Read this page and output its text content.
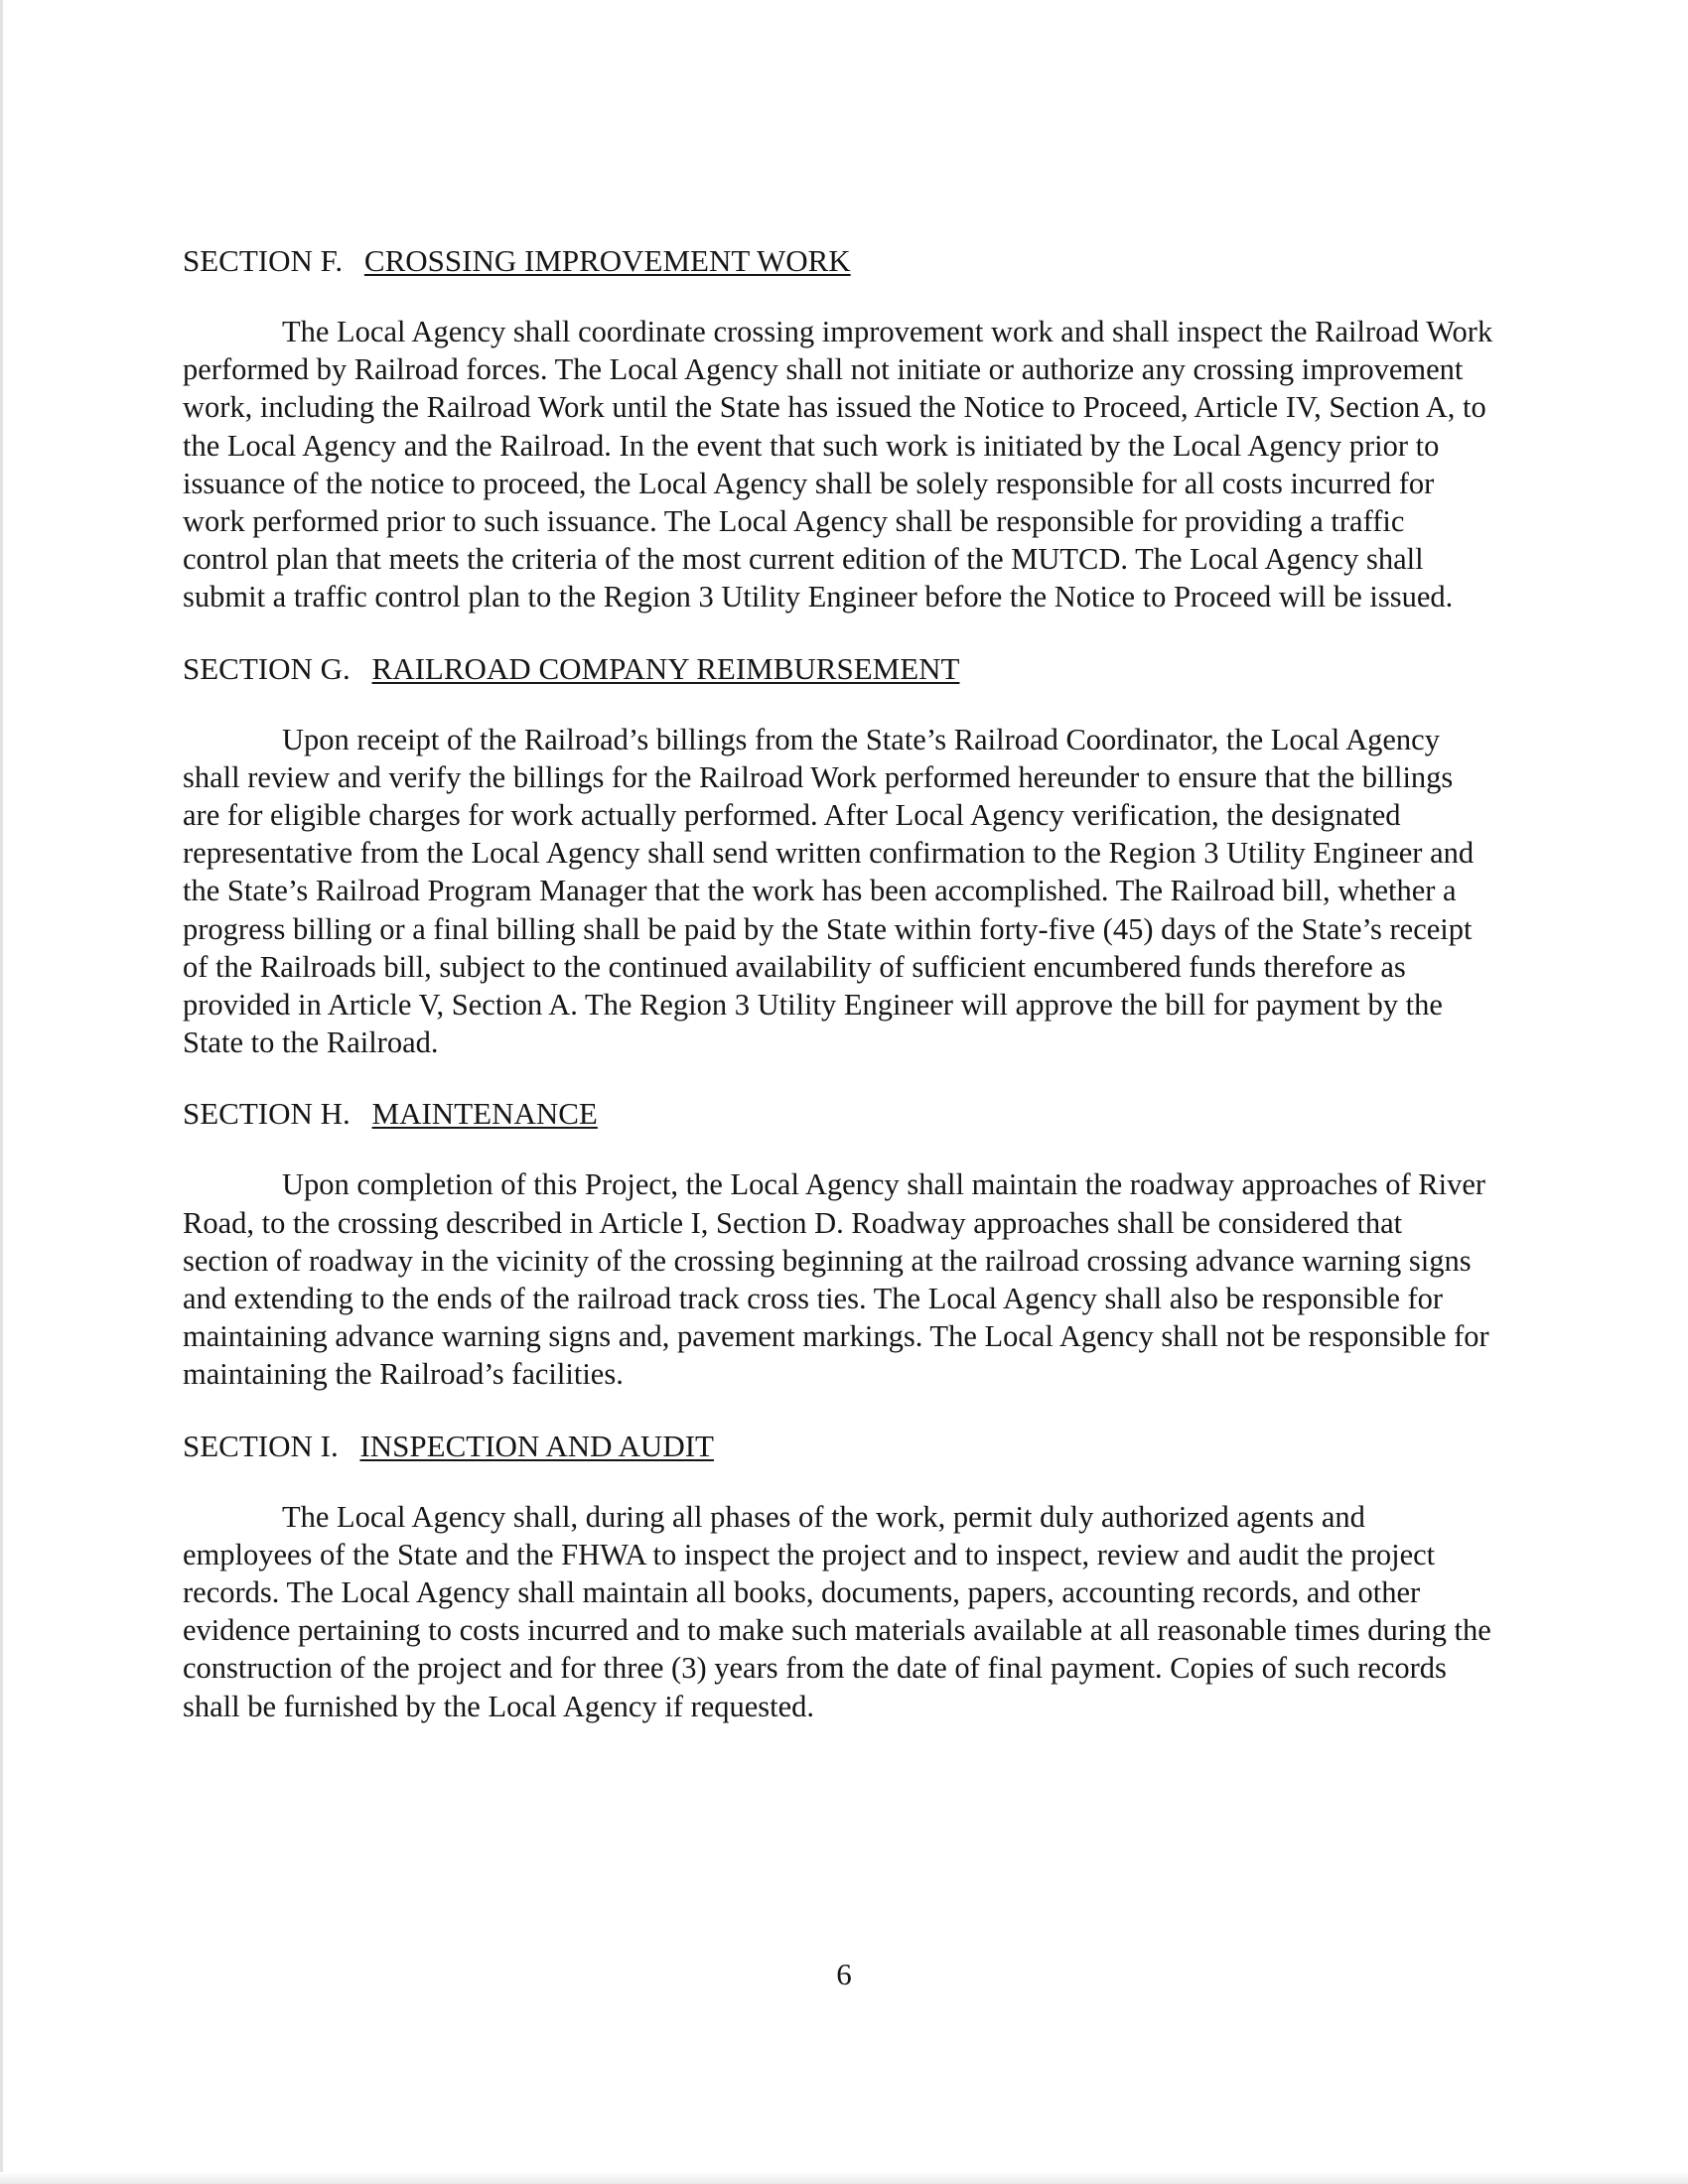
SECTION F. CROSSING IMPROVEMENT WORK

The Local Agency shall coordinate crossing improvement work and shall inspect the Railroad Work performed by Railroad forces. The Local Agency shall not initiate or authorize any crossing improvement work, including the Railroad Work until the State has issued the Notice to Proceed, Article IV, Section A, to the Local Agency and the Railroad. In the event that such work is initiated by the Local Agency prior to issuance of the notice to proceed, the Local Agency shall be solely responsible for all costs incurred for work performed prior to such issuance. The Local Agency shall be responsible for providing a traffic control plan that meets the criteria of the most current edition of the MUTCD. The Local Agency shall submit a traffic control plan to the Region 3 Utility Engineer before the Notice to Proceed will be issued.

SECTION G. RAILROAD COMPANY REIMBURSEMENT

Upon receipt of the Railroad’s billings from the State’s Railroad Coordinator, the Local Agency shall review and verify the billings for the Railroad Work performed hereunder to ensure that the billings are for eligible charges for work actually performed. After Local Agency verification, the designated representative from the Local Agency shall send written confirmation to the Region 3 Utility Engineer and the State’s Railroad Program Manager that the work has been accomplished. The Railroad bill, whether a progress billing or a final billing shall be paid by the State within forty-five (45) days of the State’s receipt of the Railroads bill, subject to the continued availability of sufficient encumbered funds therefore as provided in Article V, Section A. The Region 3 Utility Engineer will approve the bill for payment by the State to the Railroad.

SECTION H. MAINTENANCE

Upon completion of this Project, the Local Agency shall maintain the roadway approaches of River Road, to the crossing described in Article I, Section D. Roadway approaches shall be considered that section of roadway in the vicinity of the crossing beginning at the railroad crossing advance warning signs and extending to the ends of the railroad track cross ties. The Local Agency shall also be responsible for maintaining advance warning signs and, pavement markings. The Local Agency shall not be responsible for maintaining the Railroad’s facilities.

SECTION I. INSPECTION AND AUDIT

The Local Agency shall, during all phases of the work, permit duly authorized agents and employees of the State and the FHWA to inspect the project and to inspect, review and audit the project records. The Local Agency shall maintain all books, documents, papers, accounting records, and other evidence pertaining to costs incurred and to make such materials available at all reasonable times during the construction of the project and for three (3) years from the date of final payment. Copies of such records shall be furnished by the Local Agency if requested.

6
